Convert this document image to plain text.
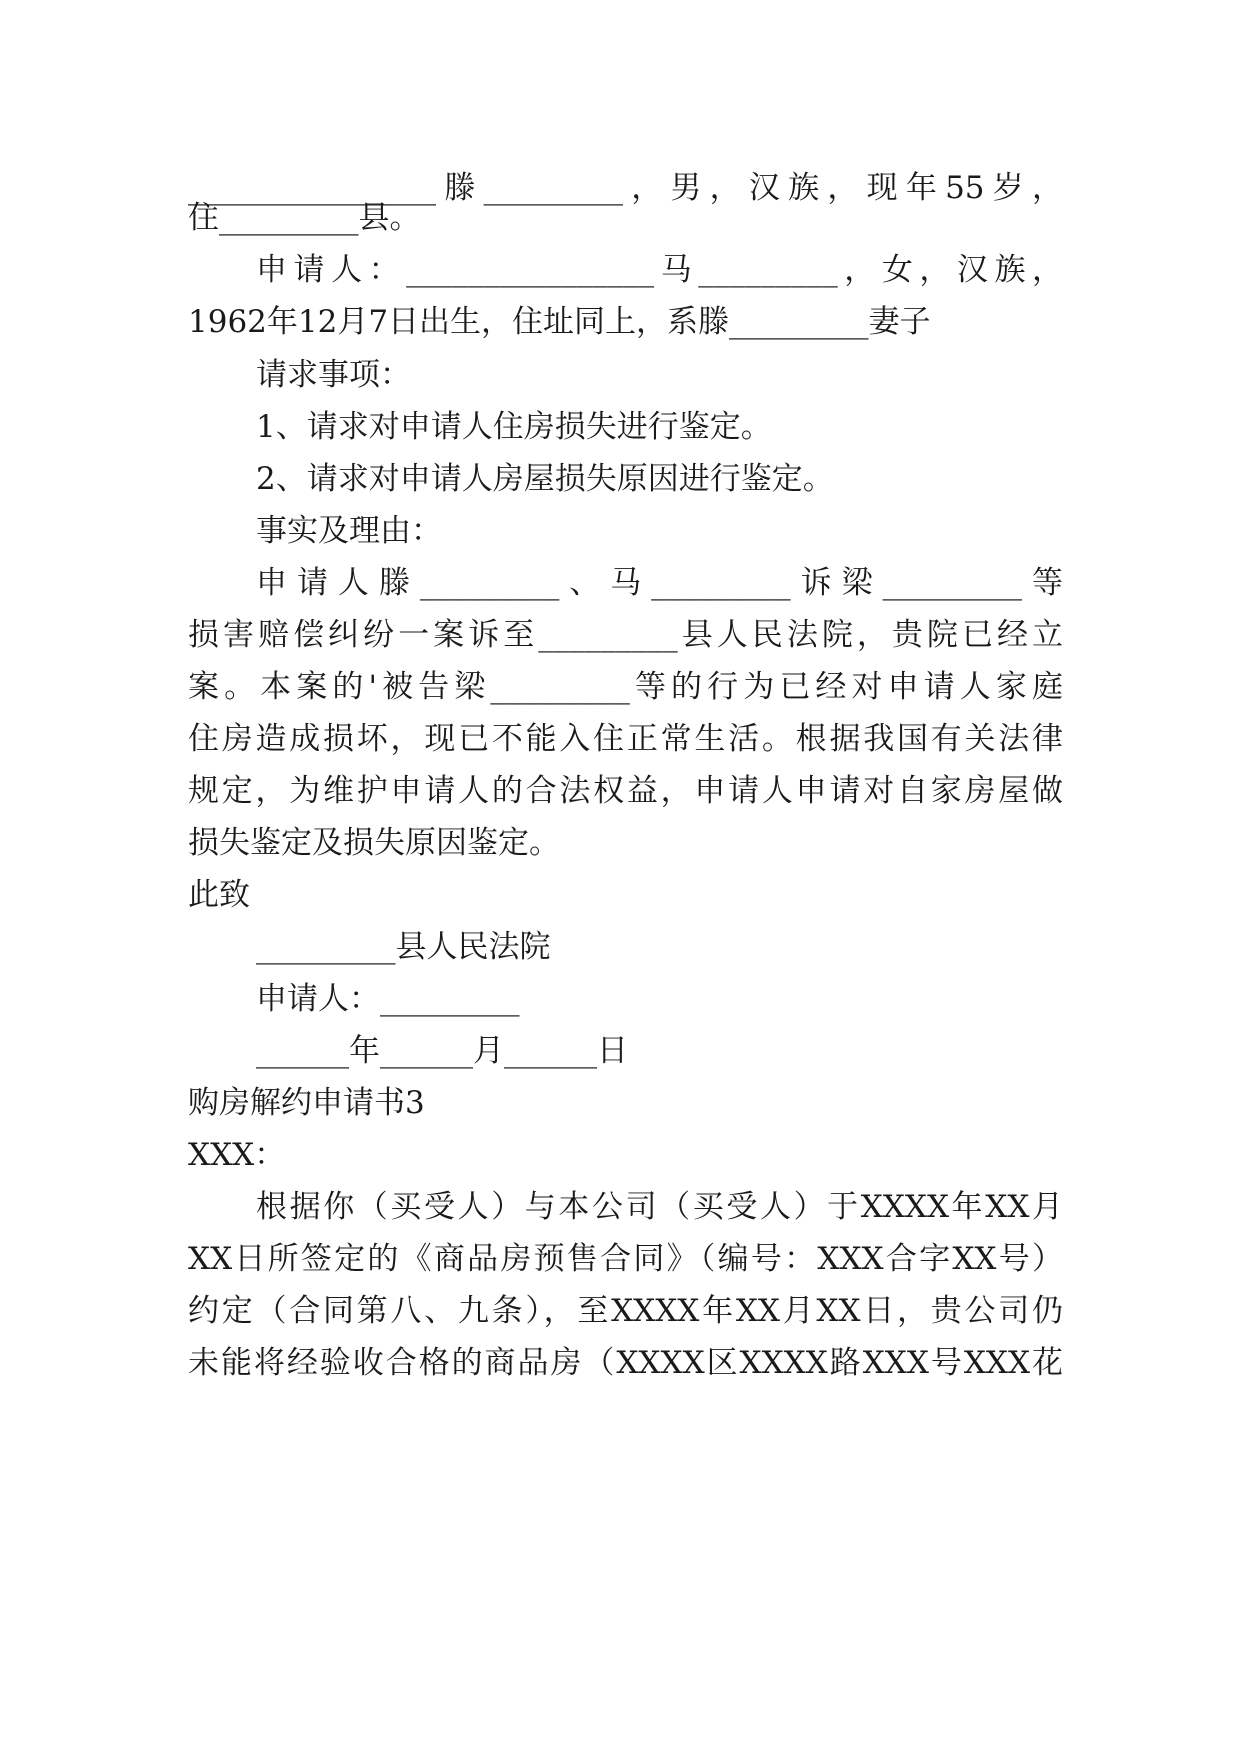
________________滕_________，男，汉族，现年55岁，
住_________县。
申请人：________________马_________，女，汉族，
1962年12月7日出生，住址同上，系滕_________妻子
请求事项：
1、请求对申请人住房损失进行鉴定。
2、请求对申请人房屋损失原因进行鉴定。
事实及理由：
申请人滕_________、马_________诉梁_________等
损害赔偿纠纷一案诉至_________县人民法院，贵院已经立
案。本案的'被告梁_________等的行为已经对申请人家庭
住房造成损坏，现已不能入住正常生活。根据我国有关法律
规定，为维护申请人的合法权益，申请人申请对自家房屋做
损失鉴定及损失原因鉴定。
此致
_________县人民法院
申请人：_________
______年______月______日
购房解约申请书3
XXX：
根据你（买受人）与本公司（买受人）于XXXX年XX月
XX日所签定的《商品房预售合同》（编号：XXX合字XX号）
约定（合同第八、九条），至XXXX年XX月XX日，贵公司仍
未能将经验收合格的商品房（XXXX区XXXX路XXX号XXX花
